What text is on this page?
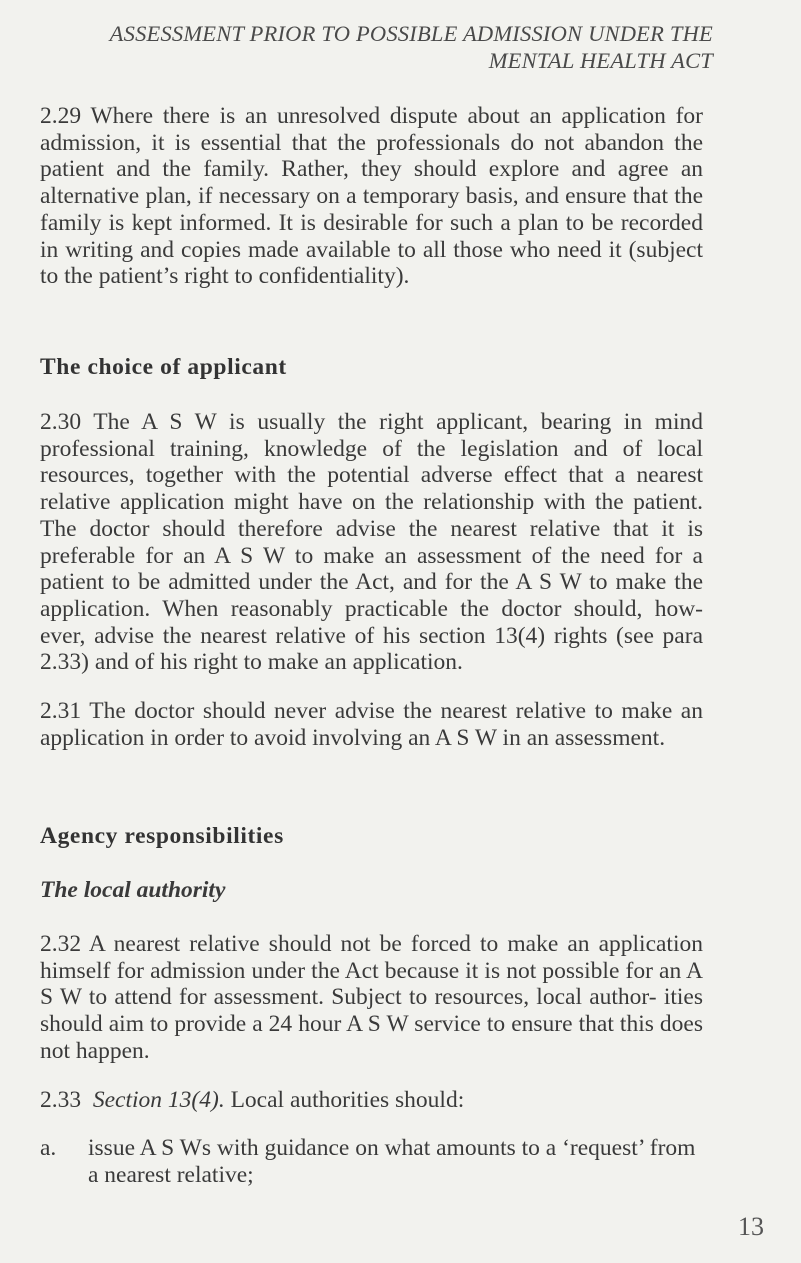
ASSESSMENT PRIOR TO POSSIBLE ADMISSION UNDER THE
MENTAL HEALTH ACT

2.29 Where there is an unresolved dispute about an application for admission, it is essential that the professionals do not abandon the patient and the family. Rather, they should explore and agree an alternative plan, if necessary on a temporary basis, and ensure that the family is kept informed. It is desirable for such a plan to be recorded in writing and copies made available to all those who need it (subject to the patient’s right to confidentiality).

The choice of applicant

2.30 The A S W is usually the right applicant, bearing in mind professional training, knowledge of the legislation and of local resources, together with the potential adverse effect that a nearest relative application might have on the relationship with the patient. The doctor should therefore advise the nearest relative that it is preferable for an A S W to make an assessment of the need for a patient to be admitted under the Act, and for the A S W to make the application. When reasonably practicable the doctor should, how- ever, advise the nearest relative of his section 13(4) rights (see para 2.33) and of his right to make an application.

2.31 The doctor should never advise the nearest relative to make an application in order to avoid involving an A S W in an assessment.

Agency responsibilities
The local authority

2.32 A nearest relative should not be forced to make an application himself for admission under the Act because it is not possible for an A S W to attend for assessment. Subject to resources, local author- ities should aim to provide a 24 hour A S W service to ensure that this does not happen.

2.33 Section 13(4). Local authorities should:

a.	issue A S Ws with guidance on what amounts to a ‘request’ from a nearest relative;
13
